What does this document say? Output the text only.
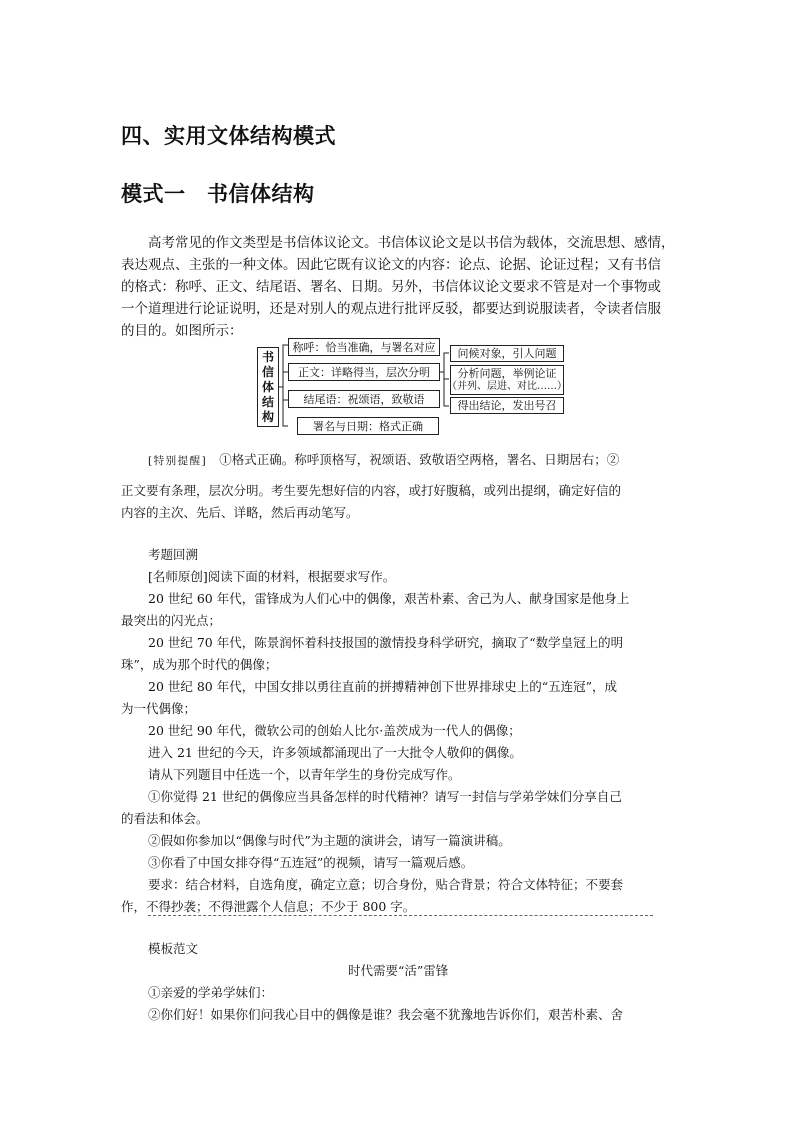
四、实用文体结构模式
模式一　书信体结构
高考常见的作文类型是书信体议论文。书信体议论文是以书信为载体，交流思想、感情，
表达观点、主张的一种文体。因此它既有议论文的内容：论点、论据、论证过程；又有书信
的格式：称呼、正文、结尾语、署名、日期。另外，书信体议论文要求不管是对一个事物或
一个道理进行论证说明，还是对别人的观点进行批评反驳，都要达到说服读者，令读者信服
的目的。如图所示：
书
信
体
结
构
称呼：恰当准确，与署名对应
正文：详略得当，层次分明
结尾语：祝颂语，致敬语
署名与日期：格式正确
问候对象，引人问题
分析问题，举例论证
（并列、层进、对比……）
得出结论，发出号召
[特别提醒] ①格式正确。称呼顶格写，祝颂语、致敬语空两格，署名、日期居右；②
正文要有条理，层次分明。考生要先想好信的内容，或打好腹稿，或列出提纲，确定好信的
内容的主次、先后、详略，然后再动笔写。
考题回溯
[名师原创]阅读下面的材料，根据要求写作。
20 世纪 60 年代，雷锋成为人们心中的偶像，艰苦朴素、舍己为人、献身国家是他身上
最突出的闪光点；
20 世纪 70 年代，陈景润怀着科技报国的激情投身科学研究，摘取了“数学皇冠上的明
珠”，成为那个时代的偶像；
20 世纪 80 年代，中国女排以勇往直前的拼搏精神创下世界排球史上的“五连冠”，成
为一代偶像；
20 世纪 90 年代，微软公司的创始人比尔·盖茨成为一代人的偶像；
进入 21 世纪的今天，许多领域都涌现出了一大批令人敬仰的偶像。
请从下列题目中任选一个，以青年学生的身份完成写作。
①你觉得 21 世纪的偶像应当具备怎样的时代精神？请写一封信与学弟学妹们分享自己
的看法和体会。
②假如你参加以“偶像与时代”为主题的演讲会，请写一篇演讲稿。
③你看了中国女排夺得“五连冠”的视频，请写一篇观后感。
要求：结合材料，自选角度，确定立意；切合身份，贴合背景；符合文体特征；不要套
作，不得抄袭；不得泄露个人信息；不少于 800 字。
模板范文
时代需要“活”雷锋
①亲爱的学弟学妹们：
②你们好！如果你们问我心目中的偶像是谁？我会毫不犹豫地告诉你们，艰苦朴素、舍
